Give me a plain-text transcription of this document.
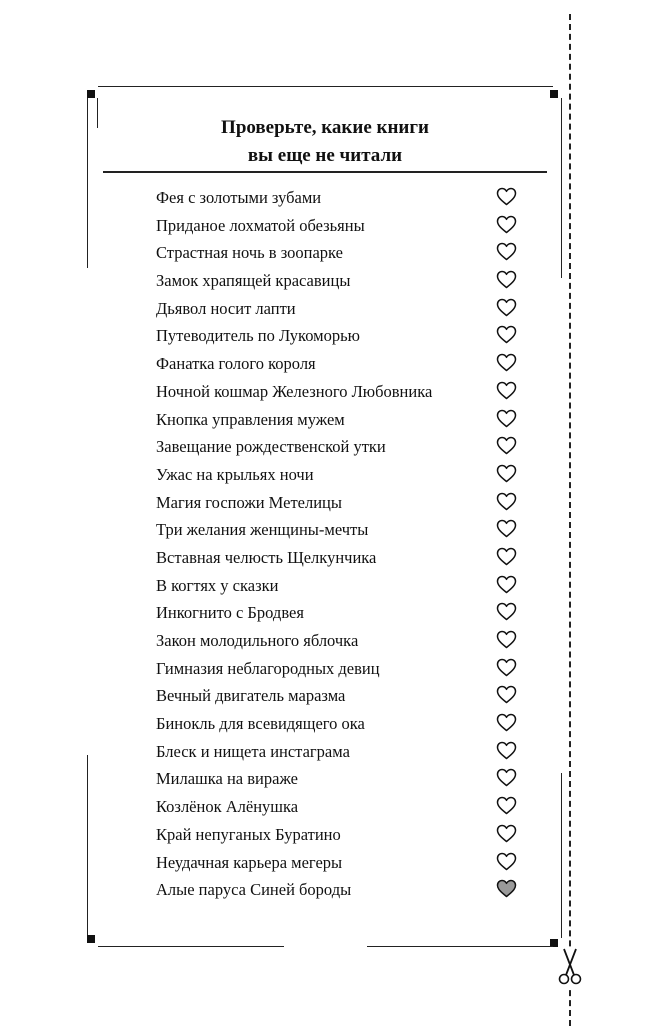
Проверьте, какие книги
вы еще не читали
Фея с золотыми зубами
Приданое лохматой обезьяны
Страстная ночь в зоопарке
Замок храпящей красавицы
Дьявол носит лапти
Путеводитель по Лукоморью
Фанатка голого короля
Ночной кошмар Железного Любовника
Кнопка управления мужем
Завещание рождественской утки
Ужас на крыльях ночи
Магия госпожи Метелицы
Три желания женщины-мечты
Вставная челюсть Щелкунчика
В когтях у сказки
Инкогнито с Бродвея
Закон молодильного яблочка
Гимназия неблагородных девиц
Вечный двигатель маразма
Бинокль для всевидящего ока
Блеск и нищета инстаграма
Милашка на вираже
Козлёнок Алёнушка
Край непуганых Буратино
Неудачная карьера мегеры
Алые паруса Синей бороды
